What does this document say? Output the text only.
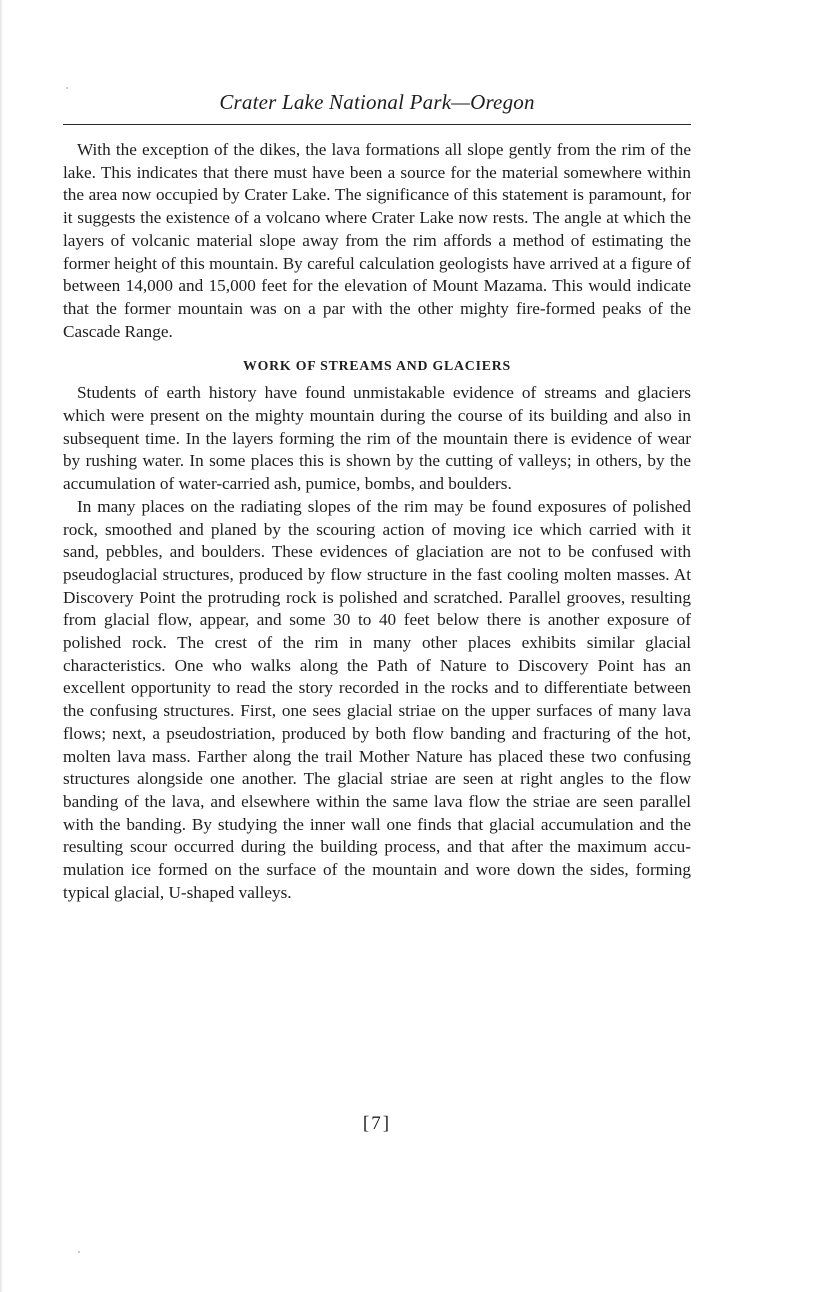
Crater Lake National Park—Oregon

With the exception of the dikes, the lava formations all slope gently from the rim of the lake. This indicates that there must have been a source for the material somewhere within the area now occupied by Crater Lake. The significance of this statement is paramount, for it suggests the existence of a volcano where Crater Lake now rests. The angle at which the layers of volcanic material slope away from the rim affords a method of estimating the former height of this mountain. By careful calculation geologists have arrived at a figure of between 14,000 and 15,000 feet for the elevation of Mount Mazama. This would indicate that the former mountain was on a par with the other mighty fire-formed peaks of the Cascade Range.

WORK OF STREAMS AND GLACIERS

Students of earth history have found unmistakable evidence of streams and glaciers which were present on the mighty mountain during the course of its building and also in subsequent time. In the layers forming the rim of the mountain there is evidence of wear by rushing water. In some places this is shown by the cutting of valleys; in others, by the accumulation of water-carried ash, pumice, bombs, and boulders.

In many places on the radiating slopes of the rim may be found exposures of polished rock, smoothed and planed by the scouring action of moving ice which carried with it sand, pebbles, and boulders. These evidences of glaciation are not to be confused with pseudoglacial structures, produced by flow structure in the fast cooling molten masses. At Discovery Point the protruding rock is polished and scratched. Parallel grooves, resulting from glacial flow, appear, and some 30 to 40 feet below there is another exposure of polished rock. The crest of the rim in many other places exhibits similar glacial characteristics. One who walks along the Path of Nature to Discovery Point has an excellent opportunity to read the story recorded in the rocks and to differentiate between the confusing structures. First, one sees glacial striae on the upper surfaces of many lava flows; next, a pseudostriation, produced by both flow banding and fracturing of the hot, molten lava mass. Farther along the trail Mother Nature has placed these two confusing structures alongside one another. The glacial striae are seen at right angles to the flow banding of the lava, and elsewhere within the same lava flow the striae are seen parallel with the banding. By studying the inner wall one finds that glacial accumulation and the resulting scour occurred during the building process, and that after the maximum accumulation ice formed on the surface of the mountain and wore down the sides, forming typical glacial, U-shaped valleys.

[7]
